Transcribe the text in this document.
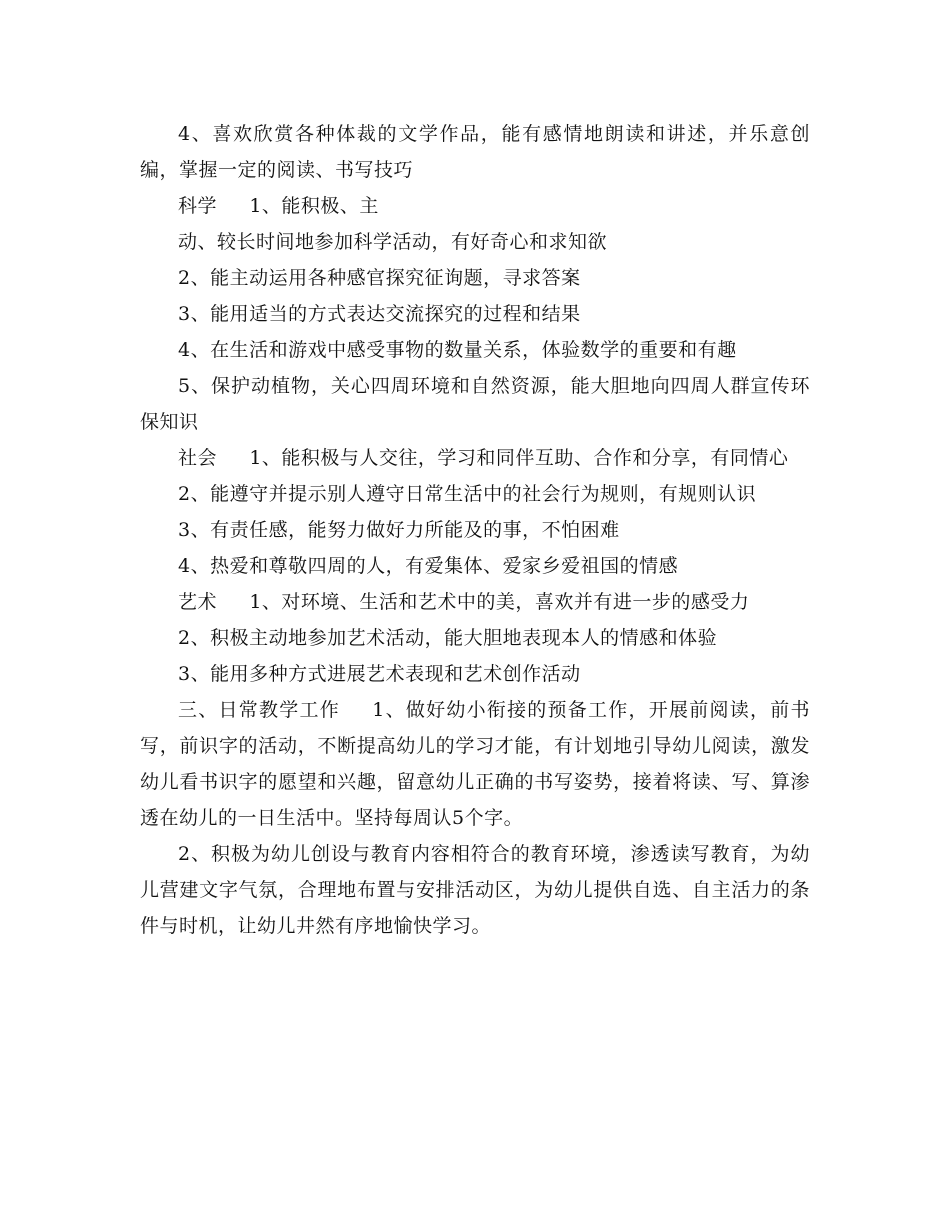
4、喜欢欣赏各种体裁的文学作品，能有感情地朗读和讲述，并乐意创编，掌握一定的阅读、书写技巧

科学 1、能积极、主

动、较长时间地参加科学活动，有好奇心和求知欲

2、能主动运用各种感官探究征询题，寻求答案

3、能用适当的方式表达交流探究的过程和结果

4、在生活和游戏中感受事物的数量关系，体验数学的重要和有趣

5、保护动植物，关心四周环境和自然资源，能大胆地向四周人群宣传环保知识

社会 1、能积极与人交往，学习和同伴互助、合作和分享，有同情心

2、能遵守并提示别人遵守日常生活中的社会行为规则，有规则认识

3、有责任感，能努力做好力所能及的事，不怕困难

4、热爱和尊敬四周的人，有爱集体、爱家乡爱祖国的情感

艺术 1、对环境、生活和艺术中的美，喜欢并有进一步的感受力

2、积极主动地参加艺术活动，能大胆地表现本人的情感和体验

3、能用多种方式进展艺术表现和艺术创作活动

三、日常教学工作 1、做好幼小衔接的预备工作，开展前阅读，前书写，前识字的活动，不断提高幼儿的学习才能，有计划地引导幼儿阅读，激发幼儿看书识字的愿望和兴趣，留意幼儿正确的书写姿势，接着将读、写、算渗透在幼儿的一日生活中。坚持每周认5个字。

2、积极为幼儿创设与教育内容相符合的教育环境，渗透读写教育，为幼儿营建文字气氛，合理地布置与安排活动区，为幼儿提供自选、自主活力的条件与时机，让幼儿井然有序地愉快学习。
